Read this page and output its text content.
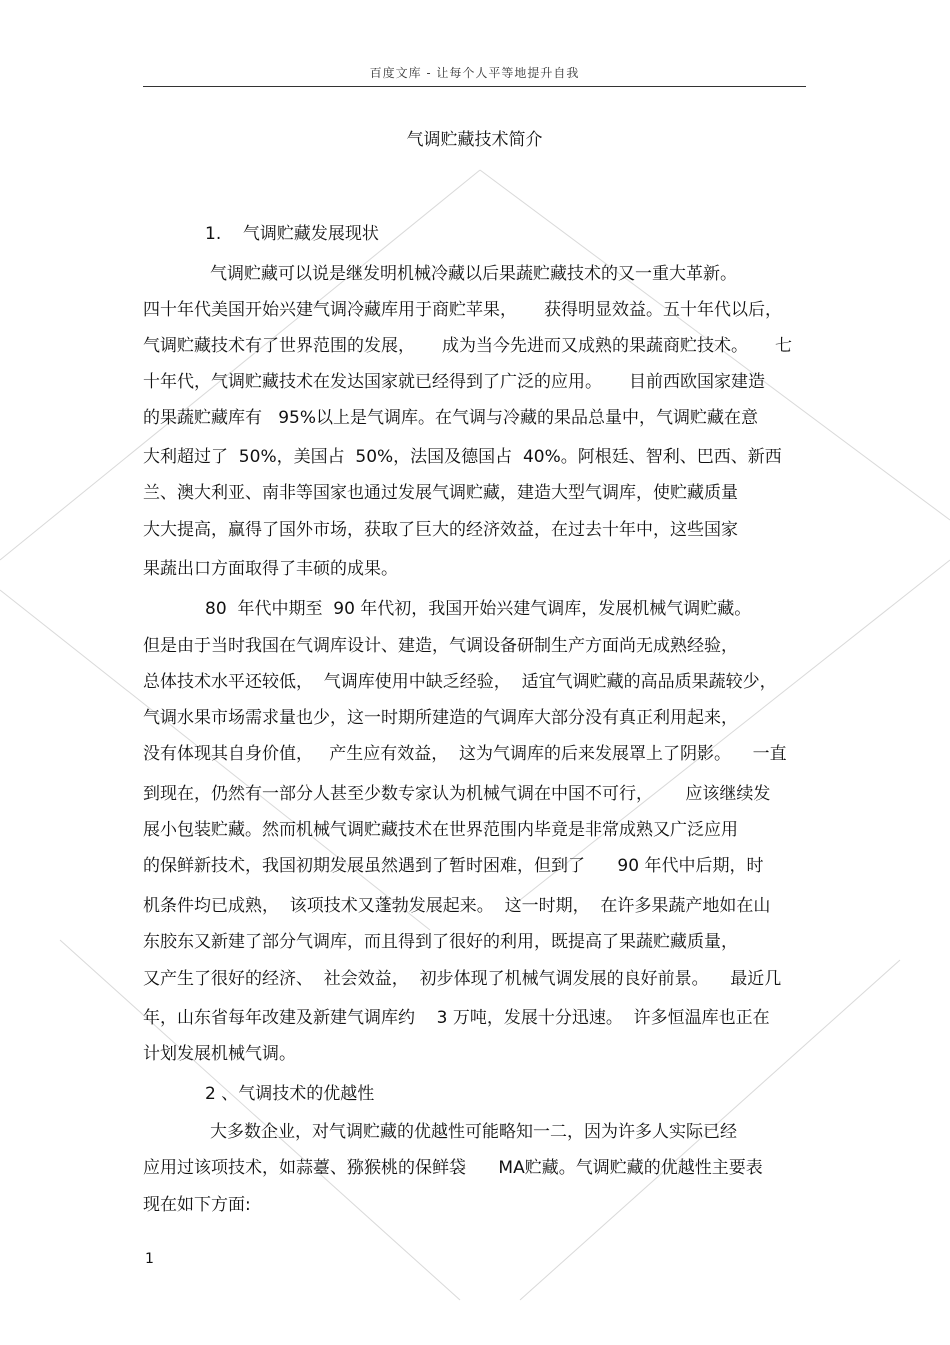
百度文库 - 让每个人平等地提升自我
气调贮藏技术简介
1.    气调贮藏发展现状
气调贮藏可以说是继发明机械冷藏以后果蔬贮藏技术的又一重大革新。
四十年代美国开始兴建气调冷藏库用于商贮苹果，     获得明显效益。五十年代以后，
气调贮藏技术有了世界范围的发展，     成为当今先进而又成熟的果蔬商贮技术。     七
十年代，气调贮藏技术在发达国家就已经得到了广泛的应用。     目前西欧国家建造
的果蔬贮藏库有   95%以上是气调库。在气调与冷藏的果品总量中，气调贮藏在意
大利超过了  50%，美国占  50%，法国及德国占  40%。阿根廷、智利、巴西、新西
兰、澳大利亚、南非等国家也通过发展气调贮藏，建造大型气调库，使贮藏质量
大大提高，赢得了国外市场，获取了巨大的经济效益，在过去十年中，这些国家
果蔬出口方面取得了丰硕的成果。
80  年代中期至  90 年代初，我国开始兴建气调库，发展机械气调贮藏。
但是由于当时我国在气调库设计、建造，气调设备研制生产方面尚无成熟经验，
总体技术水平还较低，  气调库使用中缺乏经验，  适宜气调贮藏的高品质果蔬较少，
气调水果市场需求量也少，这一时期所建造的气调库大部分没有真正利用起来，
没有体现其自身价值，   产生应有效益，  这为气调库的后来发展罩上了阴影。    一直
到现在，仍然有一部分人甚至少数专家认为机械气调在中国不可行，      应该继续发
展小包装贮藏。然而机械气调贮藏技术在世界范围内毕竟是非常成熟又广泛应用
的保鲜新技术，我国初期发展虽然遇到了暂时困难，但到了      90 年代中后期，时
机条件均已成熟，  该项技术又蓬勃发展起来。  这一时期，  在许多果蔬产地如在山
东胶东又新建了部分气调库，而且得到了很好的利用，既提高了果蔬贮藏质量，
又产生了很好的经济、  社会效益，  初步体现了机械气调发展的良好前景。    最近几
年，山东省每年改建及新建气调库约    3 万吨，发展十分迅速。  许多恒温库也正在
计划发展机械气调。
2 、气调技术的优越性
大多数企业，对气调贮藏的优越性可能略知一二，因为许多人实际已经
应用过该项技术，如蒜薹、猕猴桃的保鲜袋      MA贮藏。气调贮藏的优越性主要表
现在如下方面:
1
